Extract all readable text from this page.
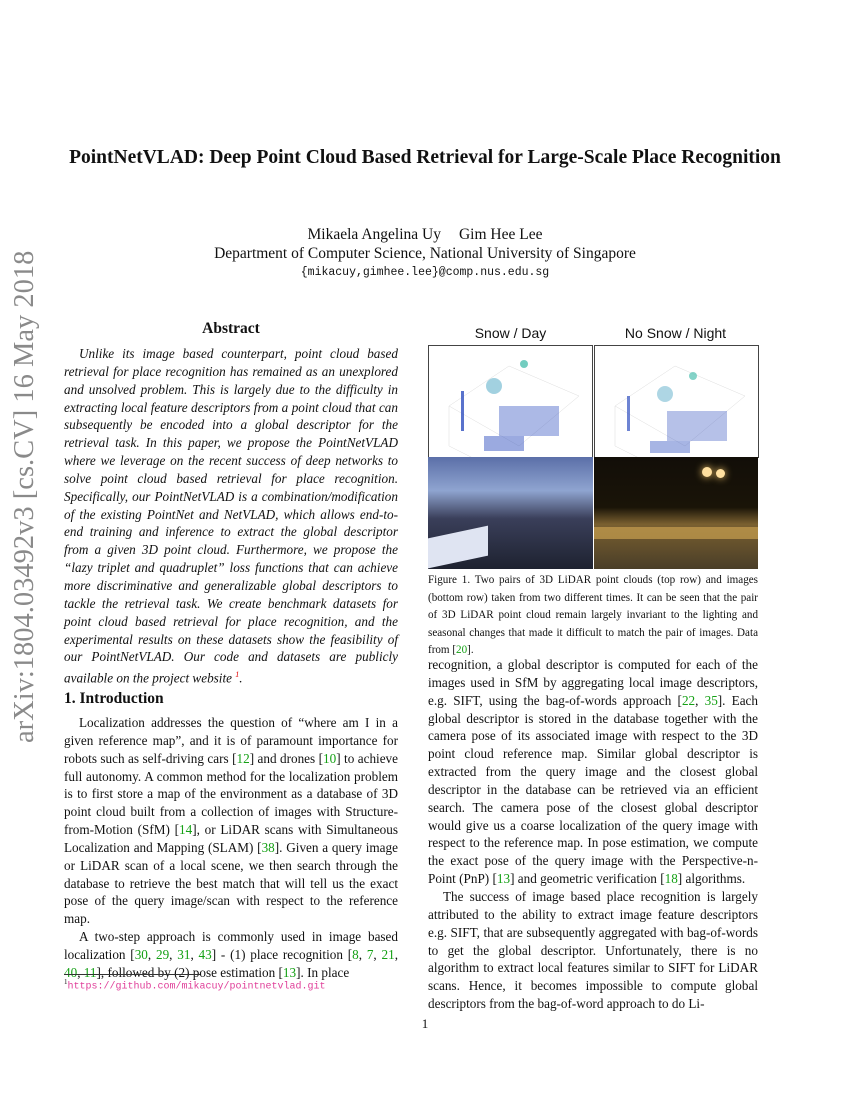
arXiv:1804.03492v3 [cs.CV] 16 May 2018
PointNetVLAD: Deep Point Cloud Based Retrieval for Large-Scale Place Recognition
Mikaela Angelina Uy Gim Hee Lee
Department of Computer Science, National University of Singapore
{mikacuy,gimhee.lee}@comp.nus.edu.sg
Abstract

Unlike its image based counterpart, point cloud based retrieval for place recognition has remained as an unexplored and unsolved problem. This is largely due to the difficulty in extracting local feature descriptors from a point cloud that can subsequently be encoded into a global descriptor for the retrieval task. In this paper, we propose the PointNetVLAD where we leverage on the recent success of deep networks to solve point cloud based retrieval for place recognition. Specifically, our PointNetVLAD is a combination/modification of the existing PointNet and NetVLAD, which allows end-to-end training and inference to extract the global descriptor from a given 3D point cloud. Furthermore, we propose the “lazy triplet and quadruplet” loss functions that can achieve more discriminative and generalizable global descriptors to tackle the retrieval task. We create benchmark datasets for point cloud based retrieval for place recognition, and the experimental results on these datasets show the feasibility of our PointNetVLAD. Our code and datasets are publicly available on the project website $^1$.

1. Introduction

Localization addresses the question of “where am I in a given reference map”, and it is of paramount importance for robots such as self-driving cars [12] and drones [10] to achieve full autonomy. A common method for the localization problem is to first store a map of the environment as a database of 3D point cloud built from a collection of images with Structure-from-Motion (SfM) [14], or LiDAR scans with Simultaneous Localization and Mapping (SLAM) [38]. Given a query image or LiDAR scan of a local scene, we then search through the database to retrieve the best match that will tell us the exact pose of the query image/scan with respect to the reference map.

A two-step approach is commonly used in image based localization [30, 29, 31, 43] - (1) place recognition [8, 7, 21, 40, 11], followed by (2) pose estimation [13]. In place

$^1$https://github.com/mikacuy/pointnetvlad.git
Snow / Day	No Snow / Night
Figure 1. Two pairs of 3D LiDAR point clouds (top row) and images (bottom row) taken from two different times. It can be seen that the pair of 3D LiDAR point cloud remain largely invariant to the lighting and seasonal changes that made it difficult to match the pair of images. Data from [20].

recognition, a global descriptor is computed for each of the images used in SfM by aggregating local image descriptors, e.g. SIFT, using the bag-of-words approach [22, 35]. Each global descriptor is stored in the database together with the camera pose of its associated image with respect to the 3D point cloud reference map. Similar global descriptor is extracted from the query image and the closest global descriptor in the database can be retrieved via an efficient search. The camera pose of the closest global descriptor would give us a coarse localization of the query image with respect to the reference map. In pose estimation, we compute the exact pose of the query image with the Perspective-n-Point (PnP) [13] and geometric verification [18] algorithms.

The success of image based place recognition is largely attributed to the ability to extract image feature descriptors e.g. SIFT, that are subsequently aggregated with bag-of-words to get the global descriptor. Unfortunately, there is no algorithm to extract local features similar to SIFT for LiDAR scans. Hence, it becomes impossible to compute global descriptors from the bag-of-word approach to do Li-

1
